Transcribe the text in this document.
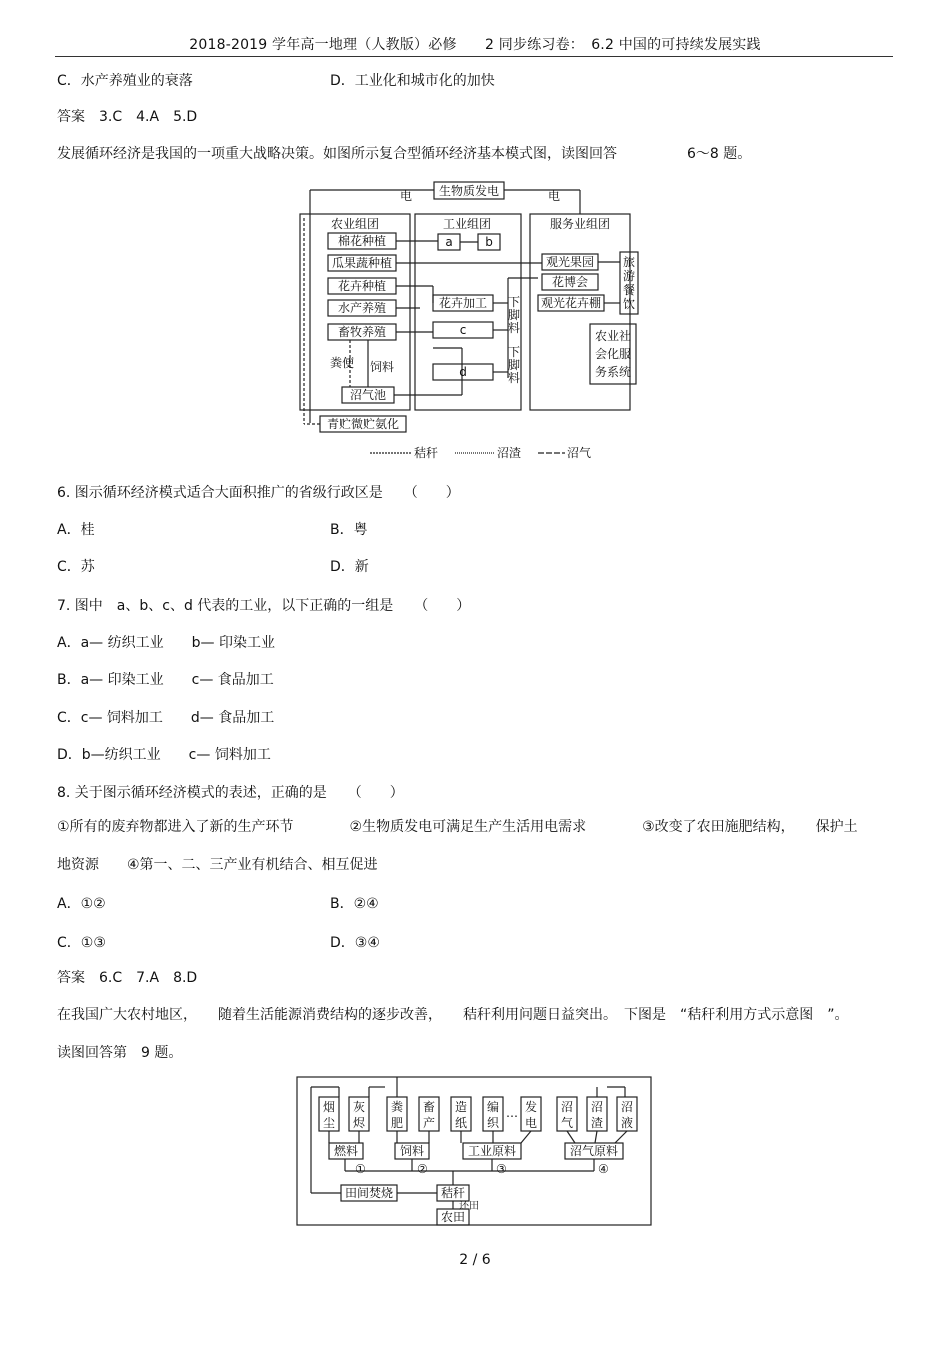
2018-2019 学年高一地理（人教版）必修　　2 同步练习卷：　6.2 中国的可持续发展实践
C．水产养殖业的衰落	D．工业化和城市化的加快
答案　3.C　4.A　5.D
发展循环经济是我国的一项重大战略决策。如图所示复合型循环经济基本模式图，读图回答　　　　　6～8 题。
生物质发电
电	电
农业组团	工业组团	服务业组团
棉花种植
瓜果蔬种植
花卉种植
水产养殖
畜牧养殖
粪便 饲料
沼气池
青贮微贮氨化
a	b
花卉加工
c
d
下
脚
料
下
脚
料
观光果园
花博会
观光花卉棚
旅
游
餐
饮
农业社
会化服
务系统
秸秆	沼渣	沼气
6. 图示循环经济模式适合大面积推广的省级行政区是　　（　　）
A．桂	B．粤
C．苏	D．新
7. 图中　a、b、c、d 代表的工业，以下正确的一组是　　（　　）
A．a— 纺织工业　　b— 印染工业
B．a— 印染工业　　c— 食品加工
C．c— 饲料加工　　d— 食品加工
D．b—纺织工业　　c— 饲料加工
8. 关于图示循环经济模式的表述，正确的是　　（　　）
①所有的废弃物都进入了新的生产环节　　　　②生物质发电可满足生产生活用电需求　　　　③改变了农田施肥结构，　　保护土
地资源　　④第一、二、三产业有机结合、相互促进
A．①②	B．②④
C．①③	D．③④
答案　6.C　7.A　8.D
在我国广大农村地区，　　随着生活能源消费结构的逐步改善，　　秸秆利用问题日益突出。　下图是　“秸秆利用方式示意图　”。
读图回答第　9 题。
烟
尘
灰
烬
粪
肥
畜
产
造
纸
编
织
… 发
电
沼
气
沼
渣
沼
液
燃料	饲料	工业原料	沼气原料
①	②	③	④
田间焚烧	秸秆
还田
农田
2 / 6
